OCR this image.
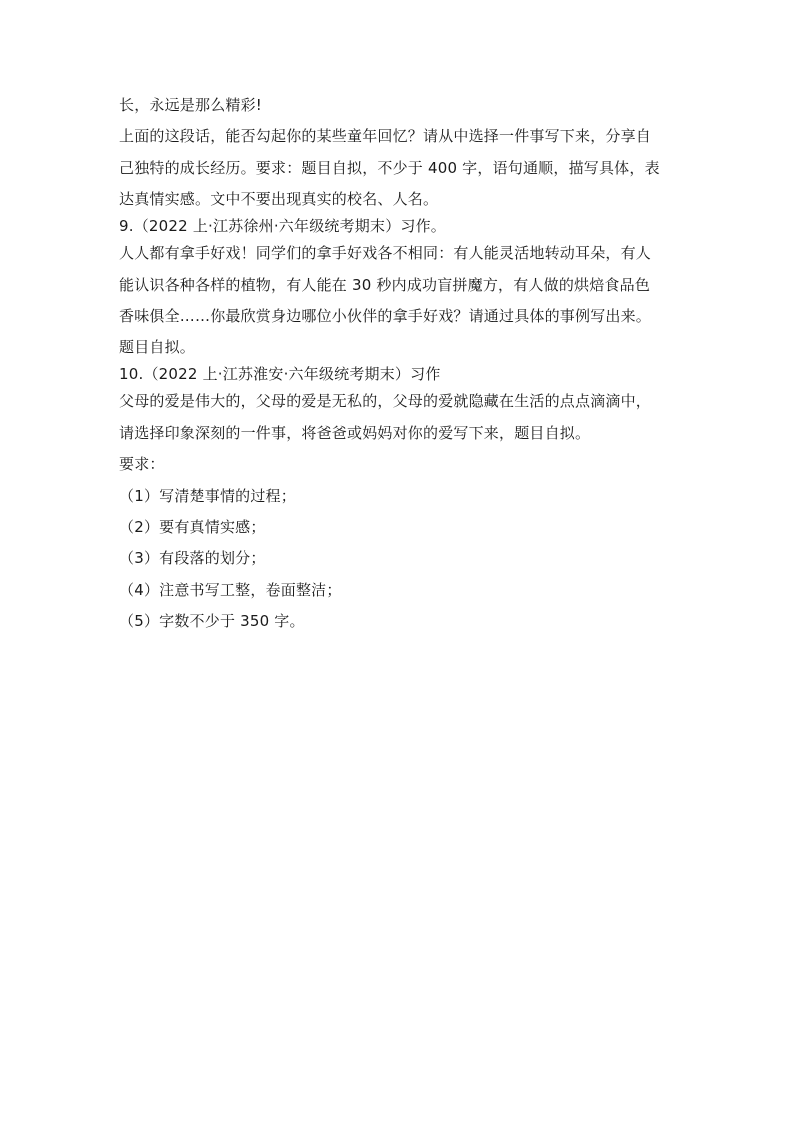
长，永远是那么精彩!
上面的这段话，能否勾起你的某些童年回忆？请从中选择一件事写下来，分享自
己独特的成长经历。要求：题目自拟，不少于 400 字，语句通顺，描写具体，表
达真情实感。文中不要出现真实的校名、人名。
9.（2022 上·江苏徐州·六年级统考期末）习作。
人人都有拿手好戏！同学们的拿手好戏各不相同：有人能灵活地转动耳朵，有人
能认识各种各样的植物，有人能在 30 秒内成功盲拼魔方，有人做的烘焙食品色
香味俱全……你最欣赏身边哪位小伙伴的拿手好戏？请通过具体的事例写出来。
题目自拟。
10.（2022 上·江苏淮安·六年级统考期末）习作
父母的爱是伟大的，父母的爱是无私的，父母的爱就隐藏在生活的点点滴滴中，
请选择印象深刻的一件事，将爸爸或妈妈对你的爱写下来，题目自拟。
要求：
（1）写清楚事情的过程；
（2）要有真情实感；
（3）有段落的划分；
（4）注意书写工整，卷面整洁；
（5）字数不少于 350 字。
